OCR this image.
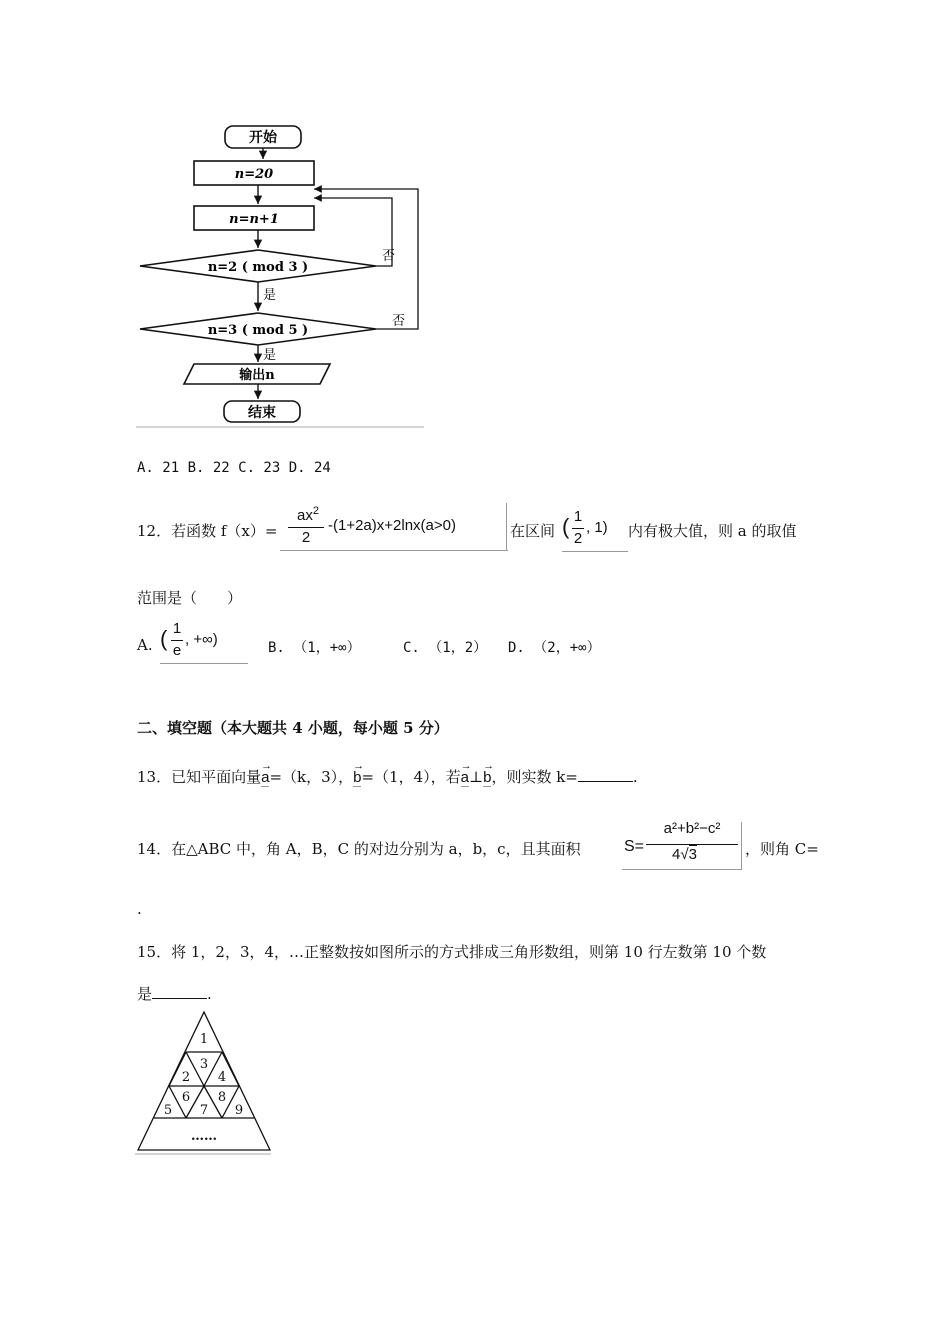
开始
n=20
n=n+1
n=2 ( mod 3 )
否
是
n=3 ( mod 5 )
否
是
输出n
结束
A. 21 B. 22 C. 23 D. 24
12．若函数 f（x）=
$ax^2$
2
-(1+2a)x+2lnx(a>0)	在区间 ( 1
2
, 1) 内有极大值，则 a 的取值
范围是（　　）
A. ( 1
e
, +∞)	B. （1，+∞）	C. （1，2） D. （2，+∞）
二、填空题（本大题共 4 小题，每小题 5 分）
13．已知平面向量
→
a=（k，3），
→
b=（1，4），若
→
a⊥
→
b，则实数 k=	.
14．在△ABC 中，角 A，B，C 的对边分别为 a，b，c，且其面积	S=
a²+b²−c²
4√3	，则角 C=
.
15．将 1，2，3，4，…正整数按如图所示的方式排成三角形数组，则第 10 行左数第 10 个数
是	.
1
2
3
4
5
6
7
8
9
……
